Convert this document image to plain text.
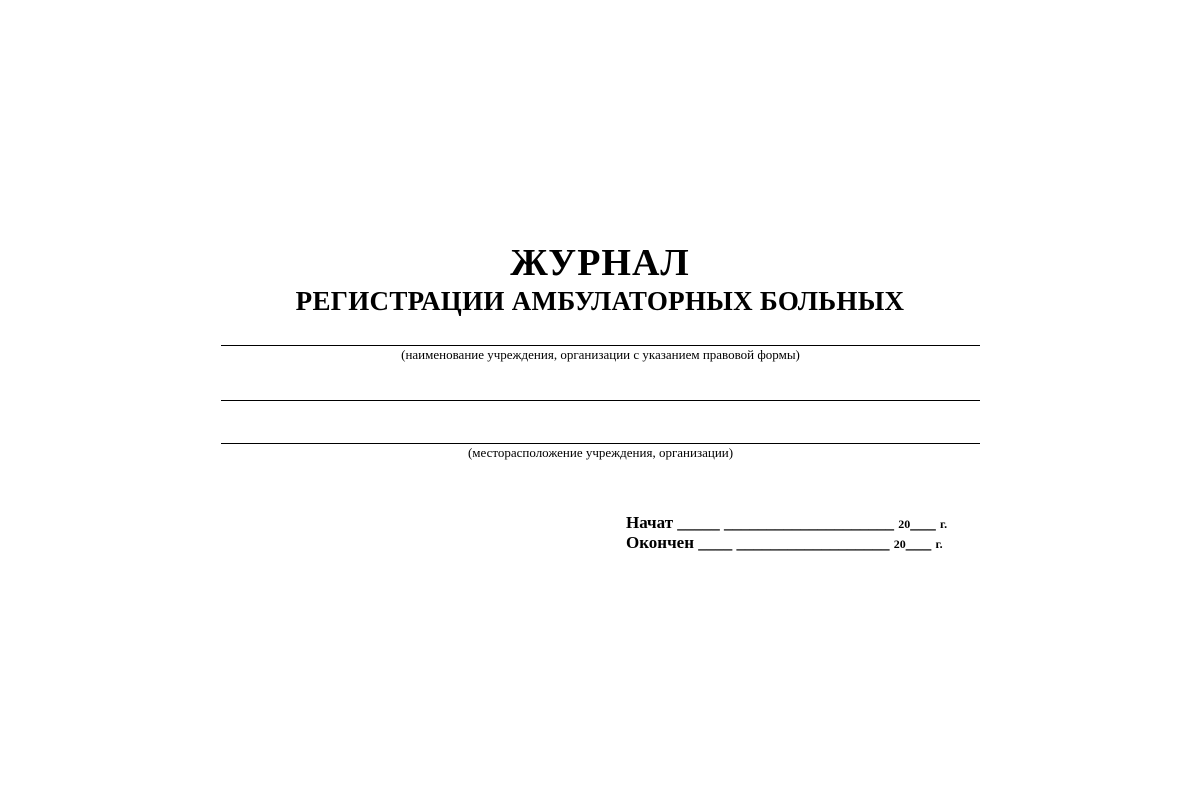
ЖУРНАЛ
РЕГИСТРАЦИИ АМБУЛАТОРНЫХ БОЛЬНЫХ
(наименование учреждения, организации с указанием правовой формы)
(месторасположение учреждения, организации)
Начат _____ ____________________ 20___ г.
Окончен ____ __________________ 20___ г.
